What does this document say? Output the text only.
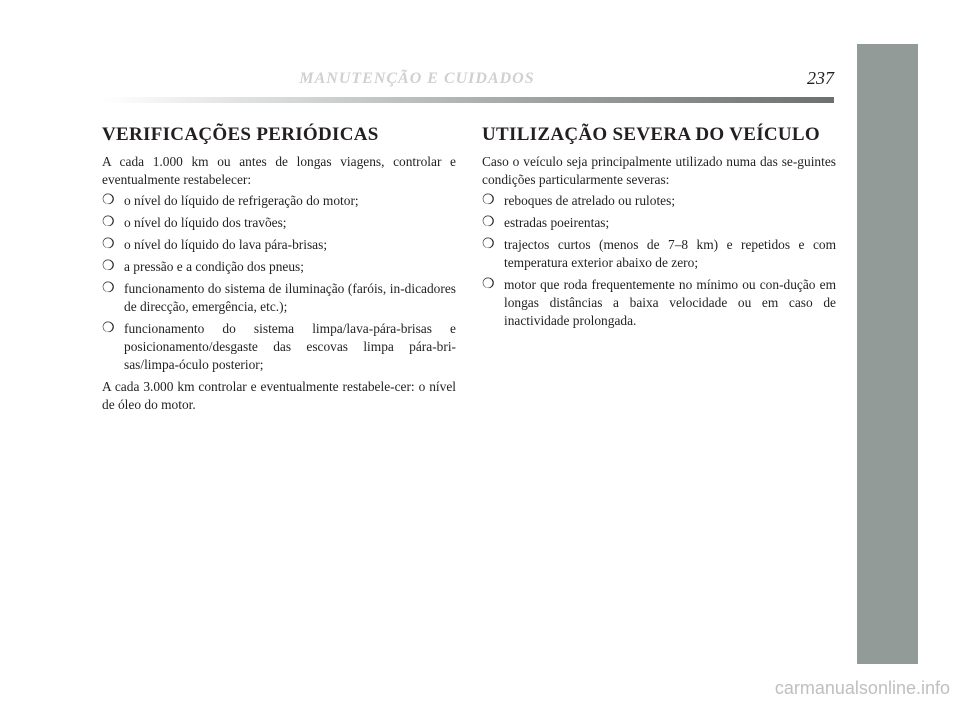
MANUTENÇÃO E CUIDADOS	237
VERIFICAÇÕES PERIÓDICAS

A cada 1.000 km ou antes de longas viagens, controlar e eventualmente restabelecer:

❍ o nível do líquido de refrigeração do motor;
❍ o nível do líquido dos travões;
❍ o nível do líquido do lava pára-brisas;
❍ a pressão e a condição dos pneus;
❍ funcionamento do sistema de iluminação (faróis, in-dicadores de direcção, emergência, etc.);
❍ funcionamento do sistema limpa/lava-pára-brisas e posicionamento/desgaste das escovas limpa pára-bri-sas/limpa-óculo posterior;

A cada 3.000 km controlar e eventualmente restabele-cer: o nível de óleo do motor.

UTILIZAÇÃO SEVERA DO VEÍCULO

Caso o veículo seja principalmente utilizado numa das se-guintes condições particularmente severas:

❍ reboques de atrelado ou rulotes;
❍ estradas poeirentas;
❍ trajectos curtos (menos de 7–8 km) e repetidos e com temperatura exterior abaixo de zero;
❍ motor que roda frequentemente no mínimo ou con-dução em longas distâncias a baixa velocidade ou em caso de inactividade prolongada.
carmanualsonline.info
